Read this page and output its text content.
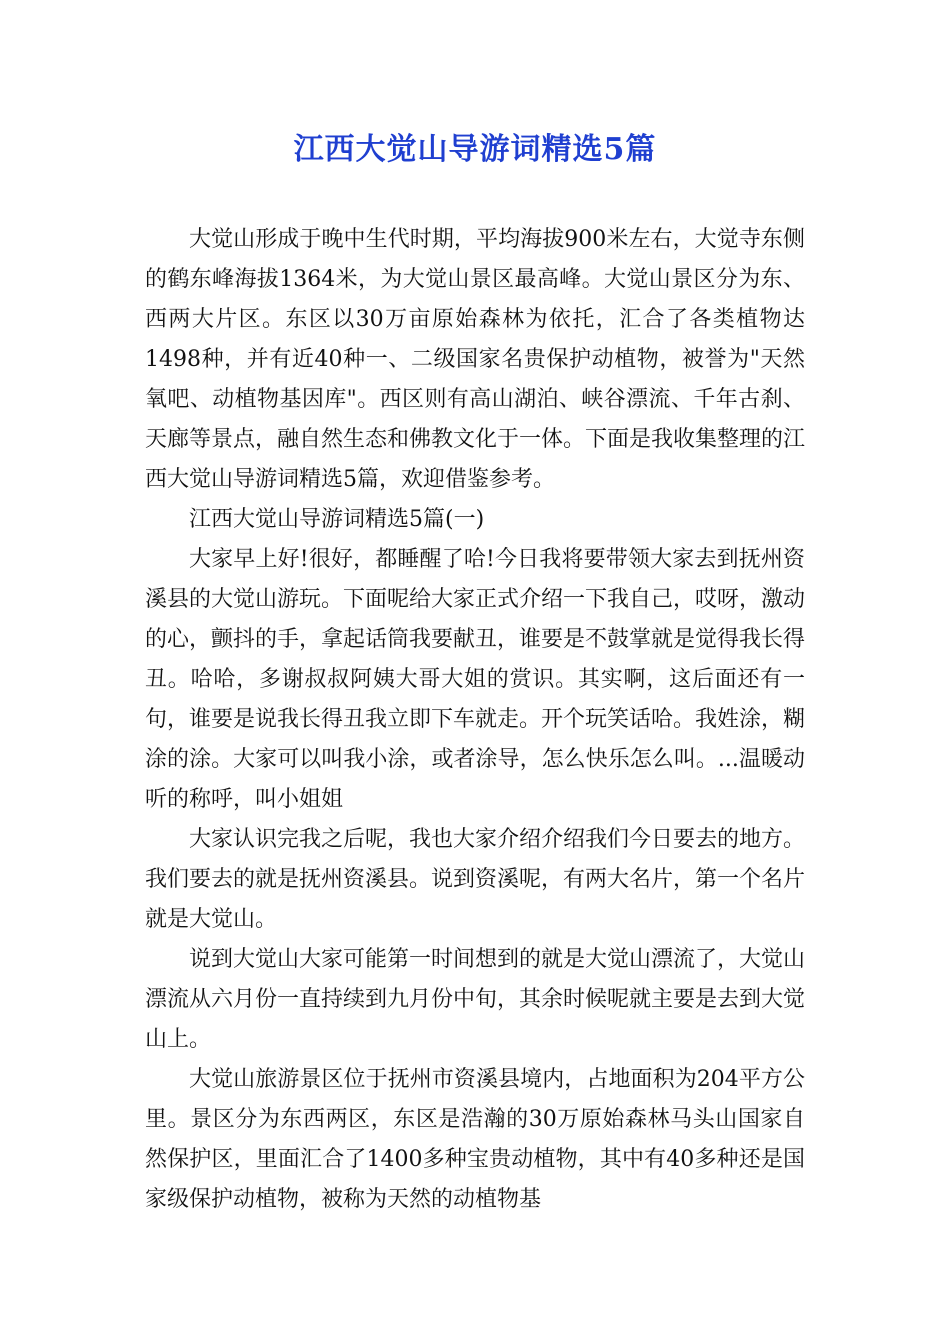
江西大觉山导游词精选5篇

大觉山形成于晚中生代时期，平均海拔900米左右，大觉寺东侧的鹤东峰海拔1364米，为大觉山景区最高峰。大觉山景区分为东、西两大片区。东区以30万亩原始森林为依托，汇合了各类植物达1498种，并有近40种一、二级国家名贵保护动植物，被誉为"天然氧吧、动植物基因库"。西区则有高山湖泊、峡谷漂流、千年古刹、天廊等景点，融自然生态和佛教文化于一体。下面是我收集整理的江西大觉山导游词精选5篇，欢迎借鉴参考。

江西大觉山导游词精选5篇(一)

大家早上好!很好，都睡醒了哈!今日我将要带领大家去到抚州资溪县的大觉山游玩。下面呢给大家正式介绍一下我自己，哎呀，激动的心，颤抖的手，拿起话筒我要献丑，谁要是不鼓掌就是觉得我长得丑。哈哈，多谢叔叔阿姨大哥大姐的赏识。其实啊，这后面还有一句，谁要是说我长得丑我立即下车就走。开个玩笑话哈。我姓涂，糊涂的涂。大家可以叫我小涂，或者涂导，怎么快乐怎么叫。...温暖动听的称呼，叫小姐姐

大家认识完我之后呢，我也大家介绍介绍我们今日要去的地方。我们要去的就是抚州资溪县。说到资溪呢，有两大名片，第一个名片就是大觉山。

说到大觉山大家可能第一时间想到的就是大觉山漂流了，大觉山漂流从六月份一直持续到九月份中旬，其余时候呢就主要是去到大觉山上。

大觉山旅游景区位于抚州市资溪县境内，占地面积为204平方公里。景区分为东西两区，东区是浩瀚的30万原始森林马头山国家自然保护区，里面汇合了1400多种宝贵动植物，其中有40多种还是国家级保护动植物，被称为天然的动植物基
